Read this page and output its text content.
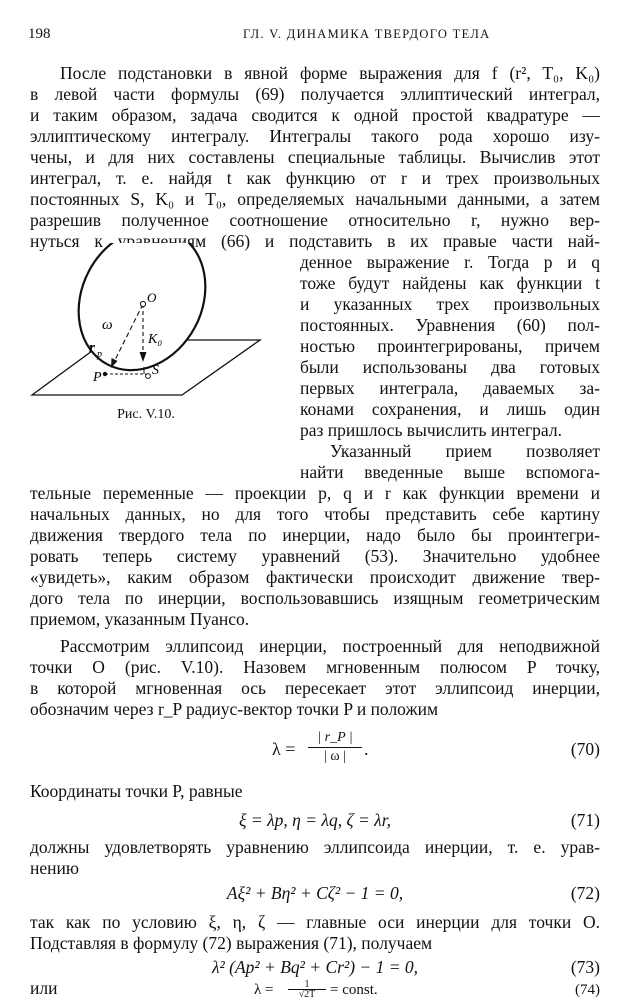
198	ГЛ. V. ДИНАМИКА ТВЕРДОГО ТЕЛА
После подстановки в явной форме выражения для f (r², T₀, K₀)
в левой части формулы (69) получается эллиптический интеграл,
и таким образом, задача сводится к одной простой квадратуре —
эллиптическому интегралу. Интегралы такого рода хорошо изу-
чены, и для них составлены специальные таблицы. Вычислив этот
интеграл, т. е. найдя t как функцию от r и трех произвольных
постоянных S, K₀ и T₀, определяемых начальными данными, а затем
разрешив полученное соотношение относительно r, нужно вер-
нуться к уравнениям (66) и подставить в их правые части най-
денное выражение r. Тогда p и q
тоже будут найдены как функции t
и указанных трех произвольных
постоянных. Уравнения (60) пол-
ностью проинтегрированы, причем
были использованы два готовых
первых интеграла, даваемых за-
конами сохранения, и лишь один
раз пришлось вычислить интеграл.
Указанный прием позволяет
найти введенные выше вспомога-
O
ω
K₀
r p
P	S
Рис. V.10.
тельные переменные — проекции p, q и r как функции времени и
начальных данных, но для того чтобы представить себе картину
движения твердого тела по инерции, надо было бы проинтегри-
ровать теперь систему уравнений (53). Значительно удобнее
«увидеть», каким образом фактически происходит движение твер-
дого тела по инерции, воспользовавшись изящным геометрическим
приемом, указанным Пуансо.
Рассмотрим эллипсоид инерции, построенный для неподвижной
точки O (рис. V.10). Назовем мгновенным полюсом P точку,
в которой мгновенная ось пересекает этот эллипсоид инерции,
обозначим через r_P радиус-вектор точки P и положим
$\lambda = \frac{| r\_P |}{| \omega |}$ .	(70)
Координаты точки P, равные
ξ = λp, η = λq, ζ = λr,	(71)
должны удовлетворять уравнению эллипсоида инерции, т. е. урав-
нению
Aξ² + Bη² + Cζ² − 1 = 0,	(72)
так как по условию ξ, η, ζ — главные оси инерции для точки O.
Подставляя в формулу (72) выражения (71), получаем
λ² (Ap² + Bq² + Cr²) − 1 = 0,	(73)
или	$\lambda = \frac{1}{√2T}$ = const.	(74)
